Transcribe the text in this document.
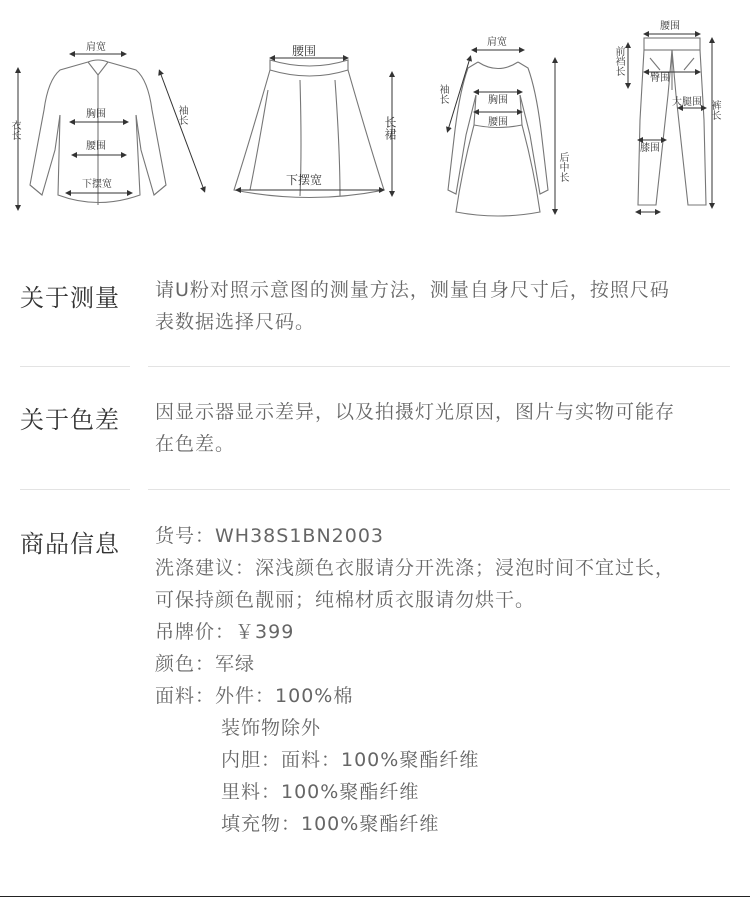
肩宽
胸围
腰围
下摆宽
衣长
袖长
腰围
下摆宽
长裙
肩宽
袖长	胸围
腰围
后中长
腰围
前裆长
臀围
大腿围
膝围
裤长
关于测量 请U粉对照示意图的测量方法，测量自身尺寸后，按照尺码

表数据选择尺码。

关于色差 因显示器显示差异，以及拍摄灯光原因，图片与实物可能存

在色差。

商品信息 货号： WH38S1BN2003

洗涤建议：深浅颜色衣服请分开洗涤；浸泡时间不宜过长，

可保持颜色靓丽；纯棉材质衣服请勿烘干。

吊牌价： ￥399
颜色： 军绿
面料： 外件：100%棉

装饰物除外

内胆：面料：100%聚酯纤维

里料：100%聚酯纤维

填充物：100%聚酯纤维
